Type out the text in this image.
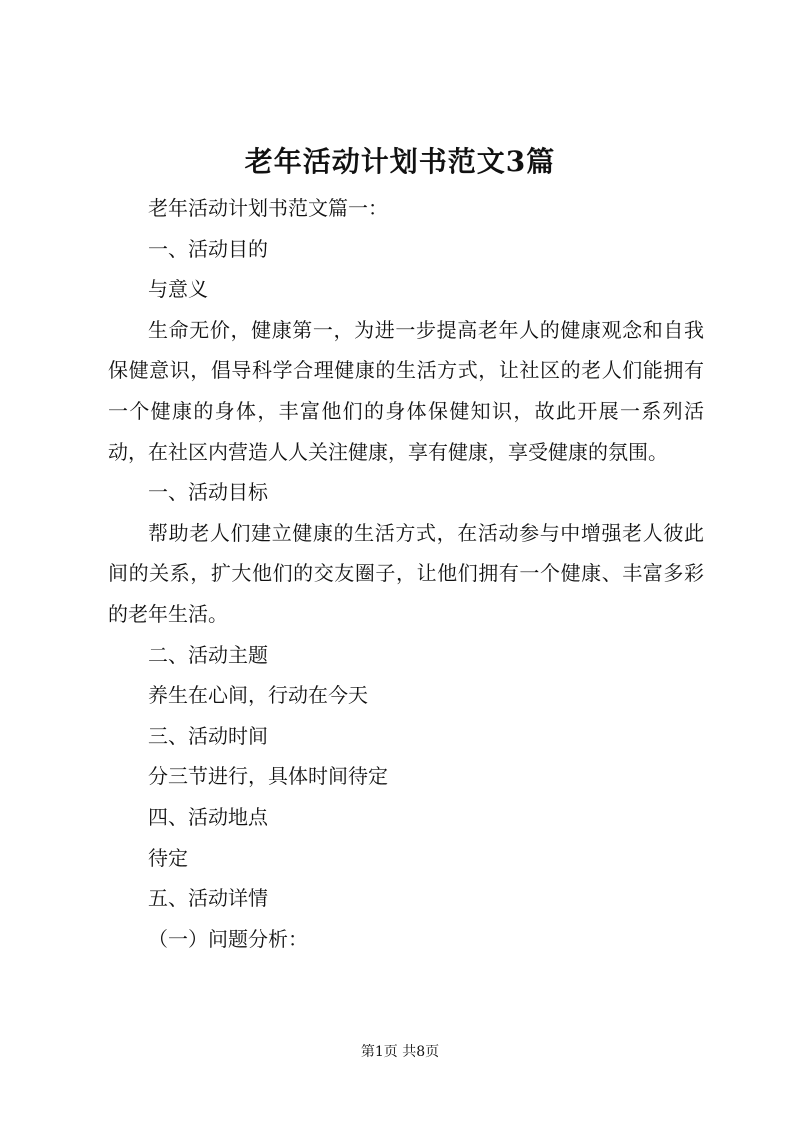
老年活动计划书范文3篇

老年活动计划书范文篇一：

一、活动目的

与意义

生命无价，健康第一，为进一步提高老年人的健康观念和自我保健意识，倡导科学合理健康的生活方式，让社区的老人们能拥有一个健康的身体，丰富他们的身体保健知识，故此开展一系列活动，在社区内营造人人关注健康，享有健康，享受健康的氛围。

一、活动目标

帮助老人们建立健康的生活方式，在活动参与中增强老人彼此间的关系，扩大他们的交友圈子，让他们拥有一个健康、丰富多彩的老年生活。

二、活动主题

养生在心间，行动在今天

三、活动时间

分三节进行，具体时间待定

四、活动地点

待定

五、活动详情

（一）问题分析：

第1页 共8页
